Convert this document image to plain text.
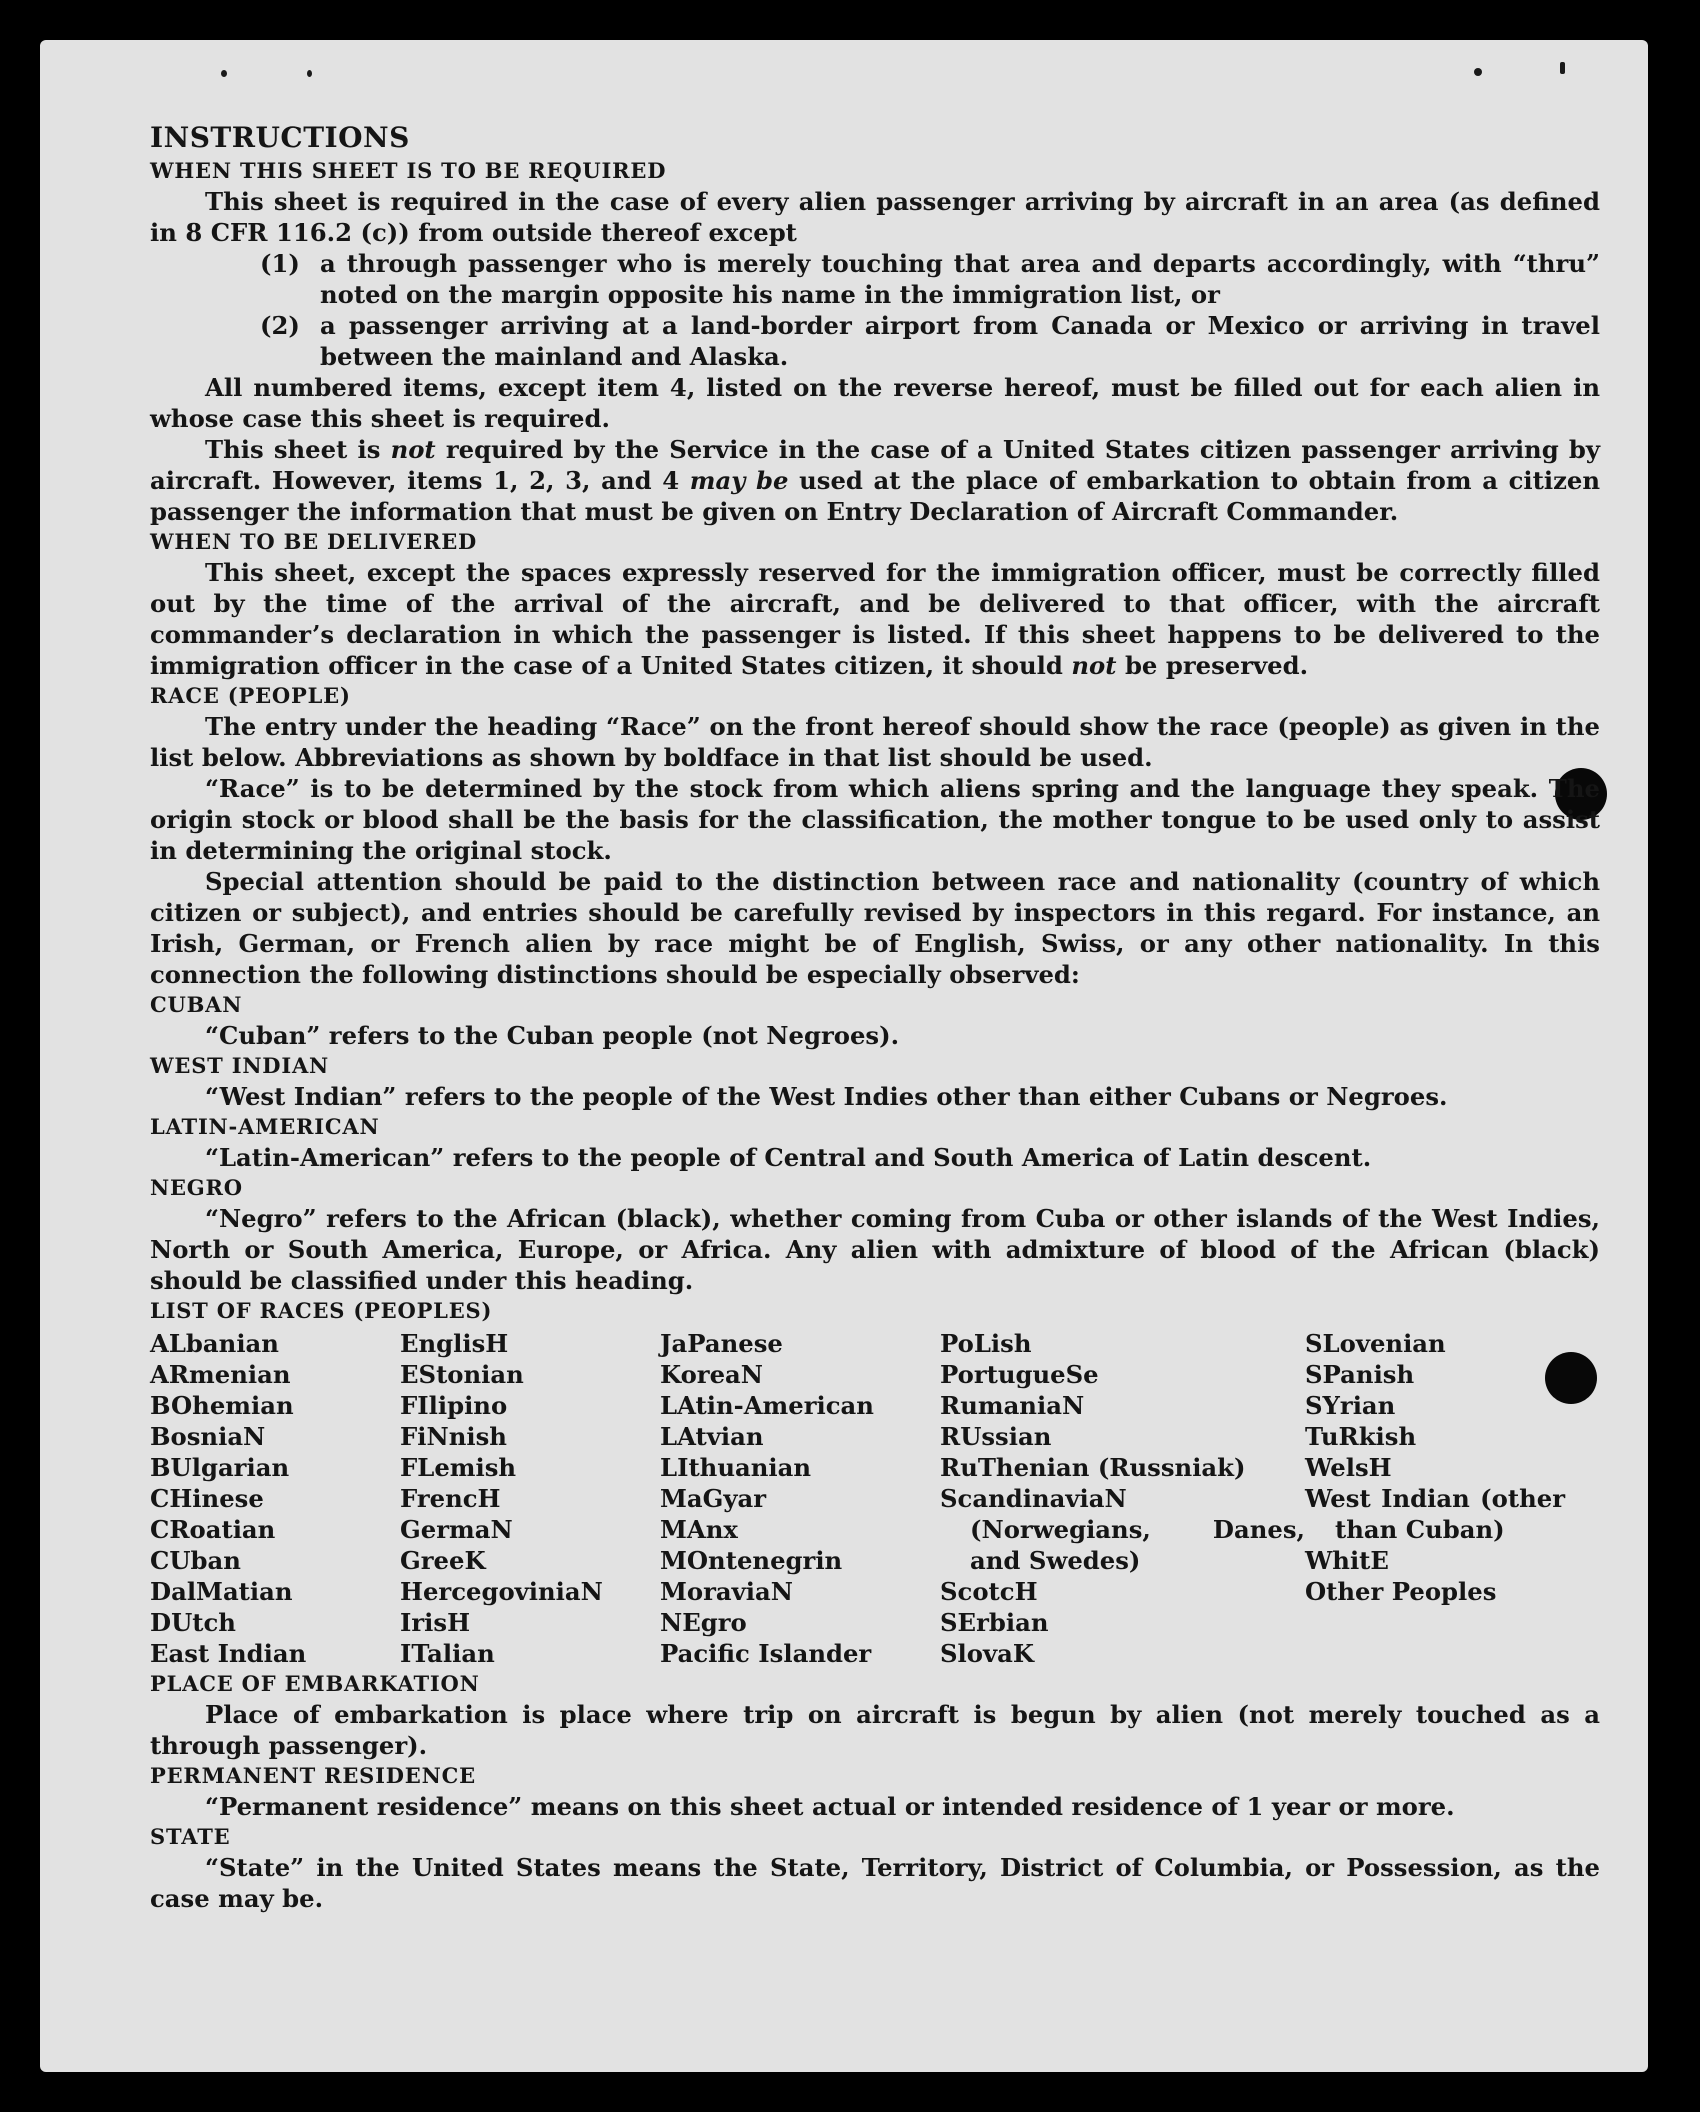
INSTRUCTIONS

WHEN THIS SHEET IS TO BE REQUIRED

This sheet is required in the case of every alien passenger arriving by aircraft in an area (as defined in 8 CFR 116.2 (c)) from outside thereof except

(1) a through passenger who is merely touching that area and departs accordingly, with “thru” noted on the margin opposite his name in the immigration list, or

(2) a passenger arriving at a land-border airport from Canada or Mexico or arriving in travel between the mainland and Alaska.

All numbered items, except item 4, listed on the reverse hereof, must be filled out for each alien in whose case this sheet is required.

This sheet is not required by the Service in the case of a United States citizen passenger arriving by aircraft. However, items 1, 2, 3, and 4 may be used at the place of embarkation to obtain from a citizen passenger the information that must be given on Entry Declaration of Aircraft Commander.

WHEN TO BE DELIVERED

This sheet, except the spaces expressly reserved for the immigration officer, must be correctly filled out by the time of the arrival of the aircraft, and be delivered to that officer, with the aircraft commander’s declaration in which the passenger is listed. If this sheet happens to be delivered to the immigration officer in the case of a United States citizen, it should not be preserved.

RACE (PEOPLE)

The entry under the heading “Race” on the front hereof should show the race (people) as given in the list below. Abbreviations as shown by boldface in that list should be used.

“Race” is to be determined by the stock from which aliens spring and the language they speak. The origin stock or blood shall be the basis for the classification, the mother tongue to be used only to assist in determining the original stock.

Special attention should be paid to the distinction between race and nationality (country of which citizen or subject), and entries should be carefully revised by inspectors in this regard. For instance, an Irish, German, or French alien by race might be of English, Swiss, or any other nationality. In this connection the following distinctions should be especially observed:

CUBAN

“Cuban” refers to the Cuban people (not Negroes).

WEST INDIAN

“West Indian” refers to the people of the West Indies other than either Cubans or Negroes.

LATIN-AMERICAN

“Latin-American” refers to the people of Central and South America of Latin descent.

NEGRO

“Negro” refers to the African (black), whether coming from Cuba or other islands of the West Indies, North or South America, Europe, or Africa. Any alien with admixture of blood of the African (black) should be classified under this heading.

LIST OF RACES (PEOPLES)

ALbanian

ARmenian

BOhemian

BosniaN

BUlgarian

CHinese

CRoatian

CUban

DalMatian

DUtch

East Indian

EnglisH

EStonian

FIlipino

FiNnish

FLemish

FrencH

GermaN

GreeK

HercegoviniaN

IrisH

ITalian

JaPanese

KoreaN

LAtin-American

LAtvian

LIthuanian

MaGyar

MAnx

MOntenegrin

MoraviaN

NEgro

Pacific Islander

PoLish

PortugueSe

RumaniaN

RUssian

RuThenian (Russniak)

ScandinaviaN (Norwegians, Danes, and Swedes)

ScotcH

SErbian

SlovaK

SLovenian

SPanish

SYrian

TuRkish

WelsH

West Indian (other than Cuban)

WhitE

Other Peoples

PLACE OF EMBARKATION

Place of embarkation is place where trip on aircraft is begun by alien (not merely touched as a through passenger).

PERMANENT RESIDENCE

“Permanent residence” means on this sheet actual or intended residence of 1 year or more.

STATE

“State” in the United States means the State, Territory, District of Columbia, or Possession, as the case may be.
